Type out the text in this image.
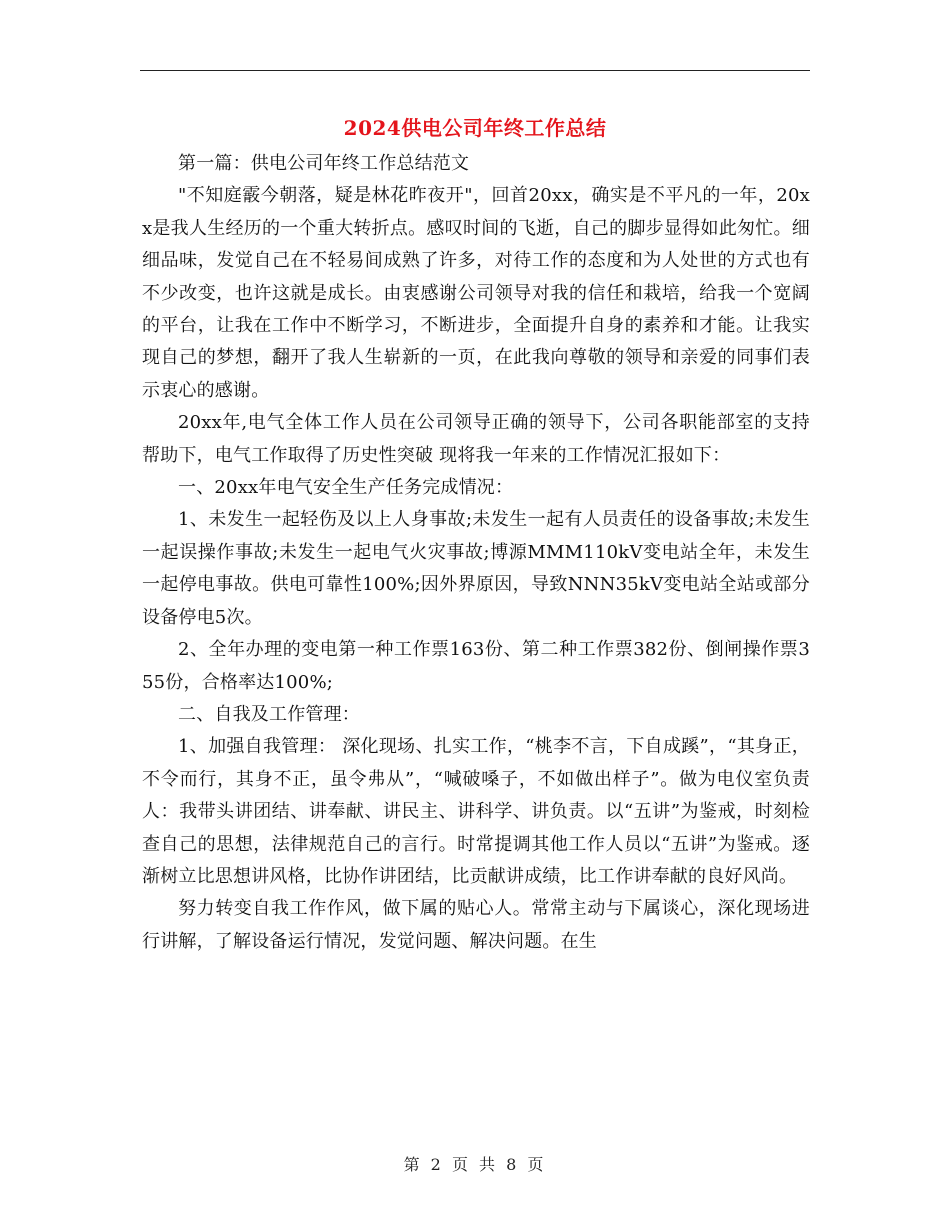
2024供电公司年终工作总结

第一篇：供电公司年终工作总结范文

"不知庭霰今朝落，疑是林花昨夜开"，回首20xx，确实是不平凡的一年，20xx是我人生经历的一个重大转折点。感叹时间的飞逝，自己的脚步显得如此匆忙。细细品味，发觉自己在不轻易间成熟了许多，对待工作的态度和为人处世的方式也有不少改变，也许这就是成长。由衷感谢公司领导对我的信任和栽培，给我一个宽阔的平台，让我在工作中不断学习，不断进步，全面提升自身的素养和才能。让我实现自己的梦想，翻开了我人生崭新的一页，在此我向尊敬的领导和亲爱的同事们表示衷心的感谢。

20xx年,电气全体工作人员在公司领导正确的领导下，公司各职能部室的支持帮助下，电气工作取得了历史性突破 现将我一年来的工作情况汇报如下：

一、20xx年电气安全生产任务完成情况：

1、未发生一起轻伤及以上人身事故;未发生一起有人员责任的设备事故;未发生一起误操作事故;未发生一起电气火灾事故;博源MMM110kV变电站全年，未发生一起停电事故。供电可靠性100%;因外界原因，导致NNN35kV变电站全站或部分设备停电5次。

2、全年办理的变电第一种工作票163份、第二种工作票382份、倒闸操作票355份，合格率达100%;

二、自我及工作管理：

1、加强自我管理： 深化现场、扎实工作，“桃李不言，下自成蹊”，“其身正，不令而行，其身不正，虽令弗从”，“喊破嗓子，不如做出样子”。做为电仪室负责人：我带头讲团结、讲奉献、讲民主、讲科学、讲负责。以“五讲”为鉴戒，时刻检查自己的思想，法律规范自己的言行。时常提调其他工作人员以“五讲”为鉴戒。逐渐树立比思想讲风格，比协作讲团结，比贡献讲成绩，比工作讲奉献的良好风尚。

努力转变自我工作作风，做下属的贴心人。常常主动与下属谈心，深化现场进行讲解，了解设备运行情况，发觉问题、解决问题。在生

第 2 页 共 8 页
